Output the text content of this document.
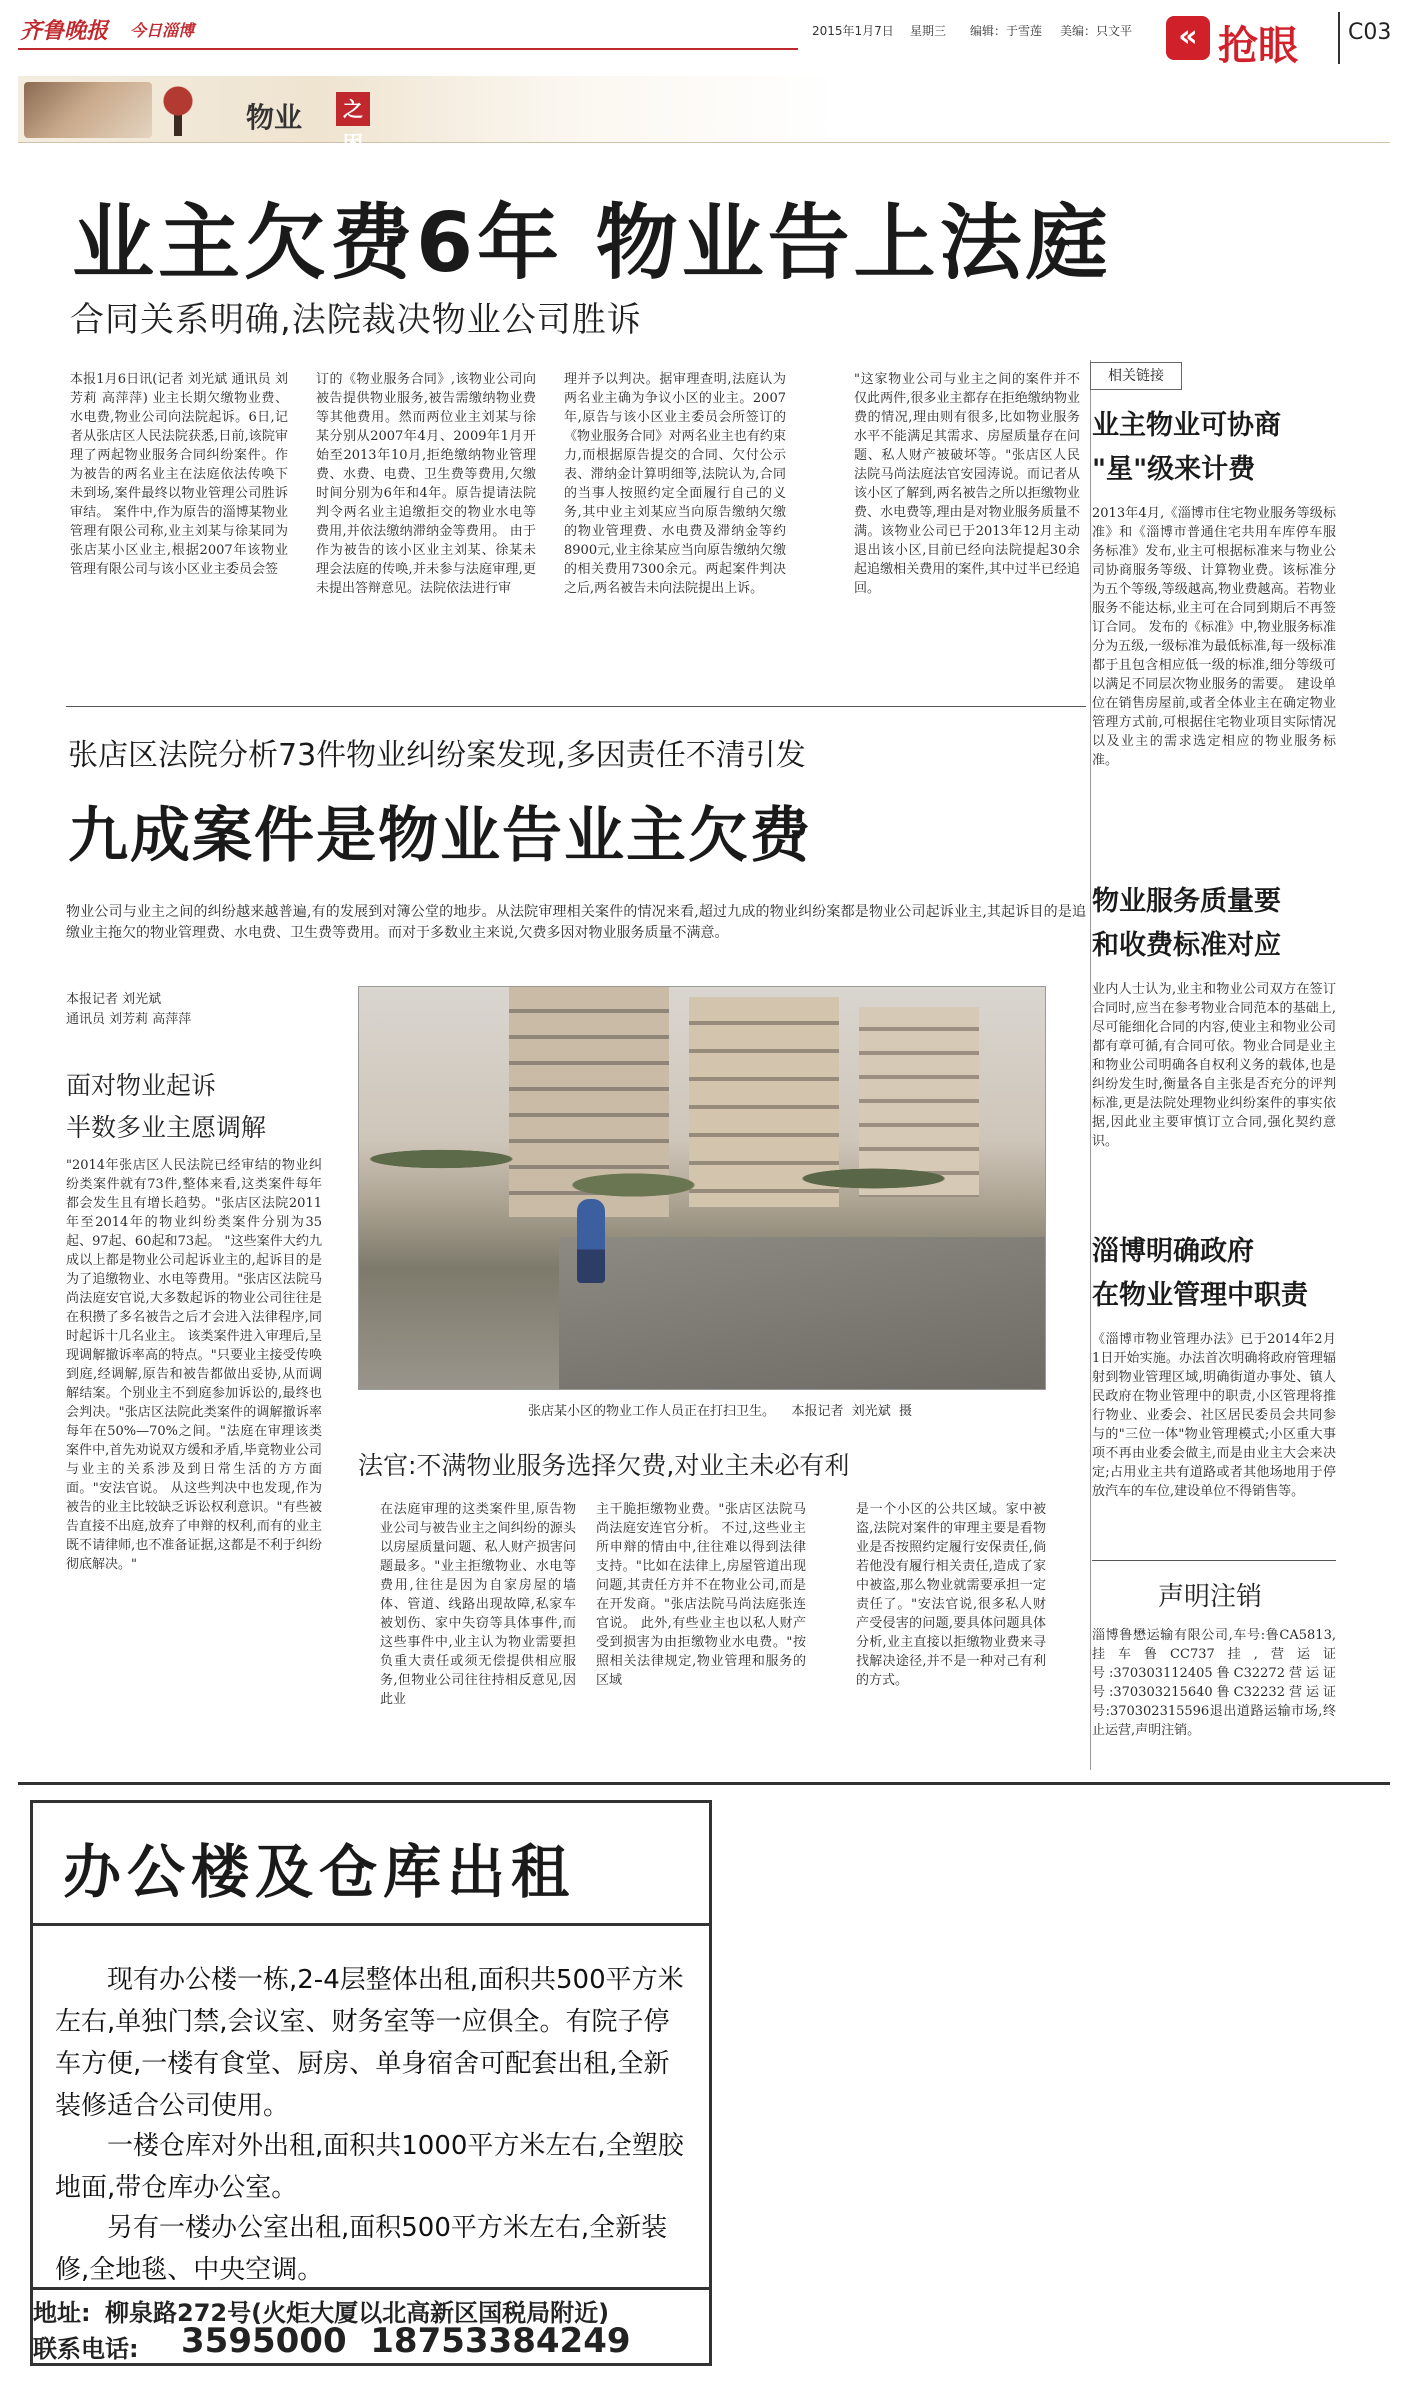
齐鲁晚报 今日淄博	2015年1月7日 星期三 编辑：于雪莲 美编：只文平	« 抢眼 C03
物业	之困
业主欠费6年 物业告上法庭
合同关系明确,法院裁决物业公司胜诉
本报1月6日讯(记者 刘光斌 通讯员 刘芳莉 高萍萍) 业主长期欠缴物业费、水电费,物业公司向法院起诉。6日,记者从张店区人民法院获悉,日前,该院审理了两起物业服务合同纠纷案件。作为被告的两名业主在法庭依法传唤下未到场,案件最终以物业管理公司胜诉审结。 案件中,作为原告的淄博某物业管理有限公司称,业主刘某与徐某同为张店某小区业主,根据2007年该物业管理有限公司与该小区业主委员会签
订的《物业服务合同》,该物业公司向被告提供物业服务,被告需缴纳物业费等其他费用。然而两位业主刘某与徐某分别从2007年4月、2009年1月开始至2013年10月,拒绝缴纳物业管理费、水费、电费、卫生费等费用,欠缴时间分别为6年和4年。原告提请法院判令两名业主追缴拒交的物业水电等费用,并依法缴纳滞纳金等费用。 由于作为被告的该小区业主刘某、徐某未理会法庭的传唤,并未参与法庭审理,更未提出答辩意见。法院依法进行审
理并予以判决。据审理查明,法庭认为两名业主确为争议小区的业主。2007年,原告与该小区业主委员会所签订的《物业服务合同》对两名业主也有约束力,而根据原告提交的合同、欠付公示表、滞纳金计算明细等,法院认为,合同的当事人按照约定全面履行自己的义务,其中业主刘某应当向原告缴纳欠缴的物业管理费、水电费及滞纳金等约8900元,业主徐某应当向原告缴纳欠缴的相关费用7300余元。两起案件判决之后,两名被告未向法院提出上诉。
"这家物业公司与业主之间的案件并不仅此两件,很多业主都存在拒绝缴纳物业费的情况,理由则有很多,比如物业服务水平不能满足其需求、房屋质量存在问题、私人财产被破坏等。"张店区人民法院马尚法庭法官安园涛说。而记者从该小区了解到,两名被告之所以拒缴物业费、水电费等,理由是对物业服务质量不满。该物业公司已于2013年12月主动退出该小区,目前已经向法院提起30余起追缴相关费用的案件,其中过半已经追回。
张店区法院分析73件物业纠纷案发现,多因责任不清引发
九成案件是物业告业主欠费
物业公司与业主之间的纠纷越来越普遍,有的发展到对簿公堂的地步。从法院审理相关案件的情况来看,超过九成的物业纠纷案都是物业公司起诉业主,其起诉目的是追缴业主拖欠的物业管理费、水电费、卫生费等费用。而对于多数业主来说,欠费多因对物业服务质量不满意。
本报记者 刘光斌
通讯员 刘芳莉 高萍萍
面对物业起诉
半数多业主愿调解
"2014年张店区人民法院已经审结的物业纠纷类案件就有73件,整体来看,这类案件每年都会发生且有增长趋势。"张店区法院2011年至2014年的物业纠纷类案件分别为35起、97起、60起和73起。 "这些案件大约九成以上都是物业公司起诉业主的,起诉目的是为了追缴物业、水电等费用。"张店区法院马尚法庭安官说,大多数起诉的物业公司往往是在积攒了多名被告之后才会进入法律程序,同时起诉十几名业主。 该类案件进入审理后,呈现调解撤诉率高的特点。"只要业主接受传唤到庭,经调解,原告和被告都做出妥协,从而调解结案。个别业主不到庭参加诉讼的,最终也会判决。"张店区法院此类案件的调解撤诉率每年在50%—70%之间。"法庭在审理该类案件中,首先劝说双方缓和矛盾,毕竟物业公司与业主的关系涉及到日常生活的方方面面。"安法官说。 从这些判决中也发现,作为被告的业主比较缺乏诉讼权利意识。"有些被告直接不出庭,放弃了申辩的权利,而有的业主既不请律师,也不准备证据,这都是不利于纠纷彻底解决。"
张店某小区的物业工作人员正在打扫卫生。    本报记者  刘光斌  摄
法官:不满物业服务选择欠费,对业主未必有利
在法庭审理的这类案件里,原告物业公司与被告业主之间纠纷的源头以房屋质量问题、私人财产损害问题最多。"业主拒缴物业、水电等费用,往往是因为自家房屋的墙体、管道、线路出现故障,私家车被划伤、家中失窃等具体事件,而这些事件中,业主认为物业需要担负重大责任或须无偿提供相应服务,但物业公司往往持相反意见,因此业
主干脆拒缴物业费。"张店区法院马尚法庭安连官分析。 不过,这些业主所申辩的情由中,往往难以得到法律支持。"比如在法律上,房屋管道出现问题,其责任方并不在物业公司,而是在开发商。"张店法院马尚法庭张连官说。 此外,有些业主也以私人财产受到损害为由拒缴物业水电费。"按照相关法律规定,物业管理和服务的区域
是一个小区的公共区域。家中被盗,法院对案件的审理主要是看物业是否按照约定履行安保责任,倘若他没有履行相关责任,造成了家中被盗,那么物业就需要承担一定责任了。"安法官说,很多私人财产受侵害的问题,要具体问题具体分析,业主直接以拒缴物业费来寻找解决途径,并不是一种对己有利的方式。
相关链接
业主物业可协商
"星"级来计费
2013年4月,《淄博市住宅物业服务等级标准》和《淄博市普通住宅共用车库停车服务标准》发布,业主可根据标准来与物业公司协商服务等级、计算物业费。该标准分为五个等级,等级越高,物业费越高。若物业服务不能达标,业主可在合同到期后不再签订合同。 发布的《标准》中,物业服务标准分为五级,一级标准为最低标准,每一级标准都于且包含相应低一级的标准,细分等级可以满足不同层次物业服务的需要。 建设单位在销售房屋前,或者全体业主在确定物业管理方式前,可根据住宅物业项目实际情况以及业主的需求选定相应的物业服务标准。
物业服务质量要
和收费标准对应
业内人士认为,业主和物业公司双方在签订合同时,应当在参考物业合同范本的基础上,尽可能细化合同的内容,使业主和物业公司都有章可循,有合同可依。物业合同是业主和物业公司明确各自权利义务的载体,也是纠纷发生时,衡量各自主张是否充分的评判标准,更是法院处理物业纠纷案件的事实依据,因此业主要审慎订立合同,强化契约意识。
淄博明确政府
在物业管理中职责
《淄博市物业管理办法》已于2014年2月1日开始实施。办法首次明确将政府管理辐射到物业管理区域,明确街道办事处、镇人民政府在物业管理中的职责,小区管理将推行物业、业委会、社区居民委员会共同参与的"三位一体"物业管理模式;小区重大事项不再由业委会做主,而是由业主大会来决定;占用业主共有道路或者其他场地用于停放汽车的车位,建设单位不得销售等。
声明注销
淄博鲁懋运输有限公司,车号:鲁CA5813,挂车鲁CC737挂,营运证号:370303112405鲁C32272营运证号:370303215640鲁C32232营运证号:370302315596退出道路运输市场,终止运营,声明注销。
办公楼及仓库出租
现有办公楼一栋,2-4层整体出租,面积共500平方米左右,单独门禁,会议室、财务室等一应俱全。有院子停车方便,一楼有食堂、厨房、单身宿舍可配套出租,全新装修适合公司使用。
一楼仓库对外出租,面积共1000平方米左右,全塑胶地面,带仓库办公室。
另有一楼办公室出租,面积500平方米左右,全新装修,全地毯、中央空调。
地址: 柳泉路272号(火炬大厦以北高新区国税局附近)
联系电话: 3595000  18753384249
